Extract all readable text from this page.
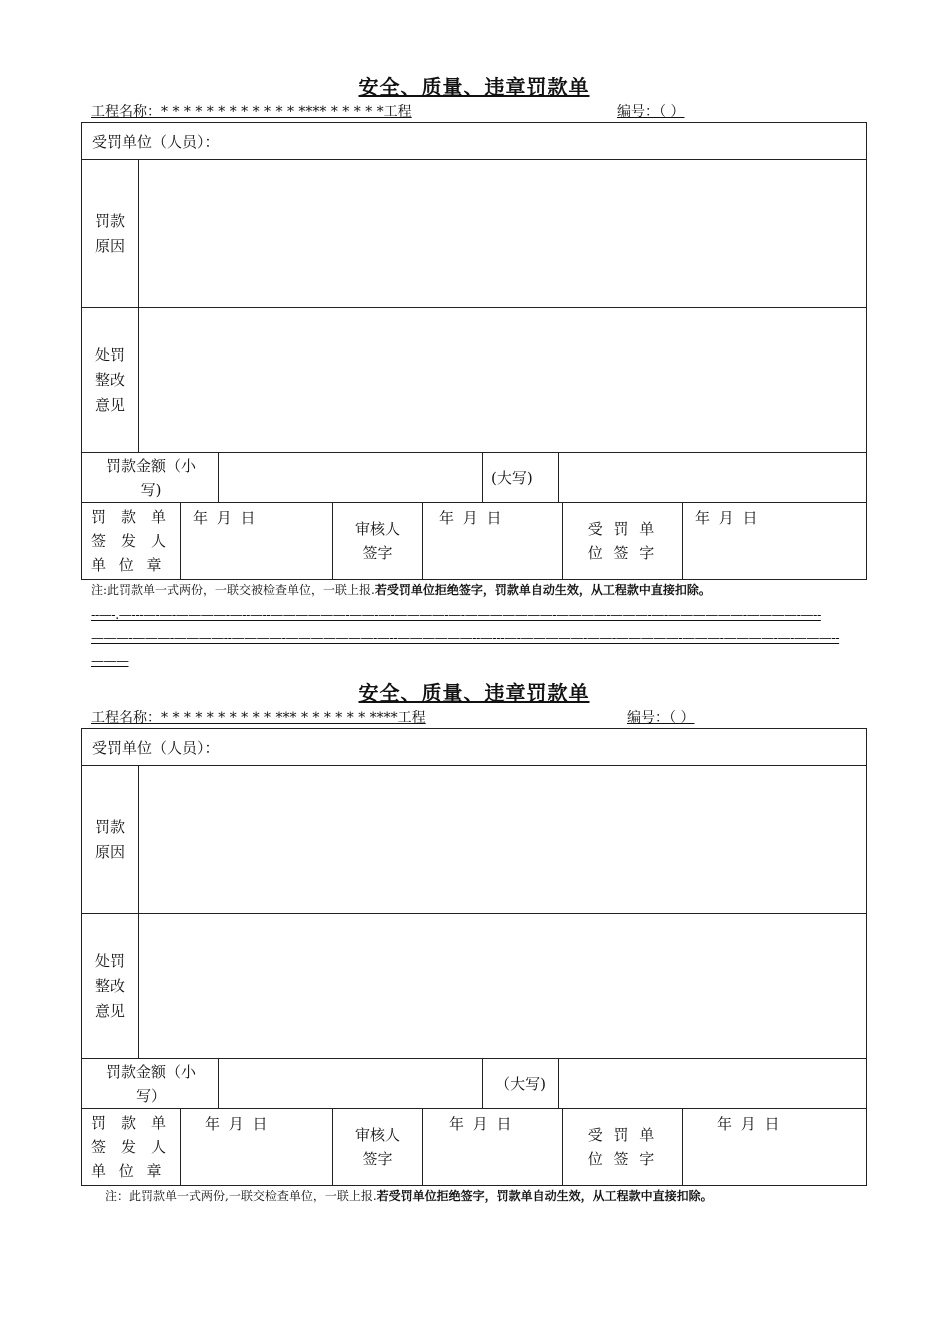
安全、质量、违章罚款单
工程名称：* * * * * * * * * * * * **** * * * * *工程	编号：（ ）
受罚单位（人员）：
罚款原因
处罚整改意见
罚款金额（小写)
(大写)
罚 款 单 签 发 人 单 位 章
年 月 日
审核人签字
年 月 日
受 罚 单 位 签 字
年 月 日
注:此罚款单一式两份，一联交被检查单位，一联上报.若受罚单位拒绝签字，罚款单自动生效，从工程款中直接扣除。
--—-.—---—-—-————-—--—--——————-——-—-————-—-———————-————-———-—-——————-————-—--———-———-————--————-———————-—--——————--—---—-—————-——-—————-———-————-—-———--———
安全、质量、违章罚款单
工程名称：* * * * * * * * * * *** * * * * * * ****工程	编号：（ ）
受罚单位（人员）：
罚款原因
处罚整改意见
罚款金额（小写）
（大写)
罚 款 单 签 发 人 单 位 章
年 月 日
审核人签字
年 月 日
受 罚 单 位 签 字
年 月 日
注：此罚款单一式两份,一联交检查单位，一联上报.若受罚单位拒绝签字，罚款单自动生效，从工程款中直接扣除。
